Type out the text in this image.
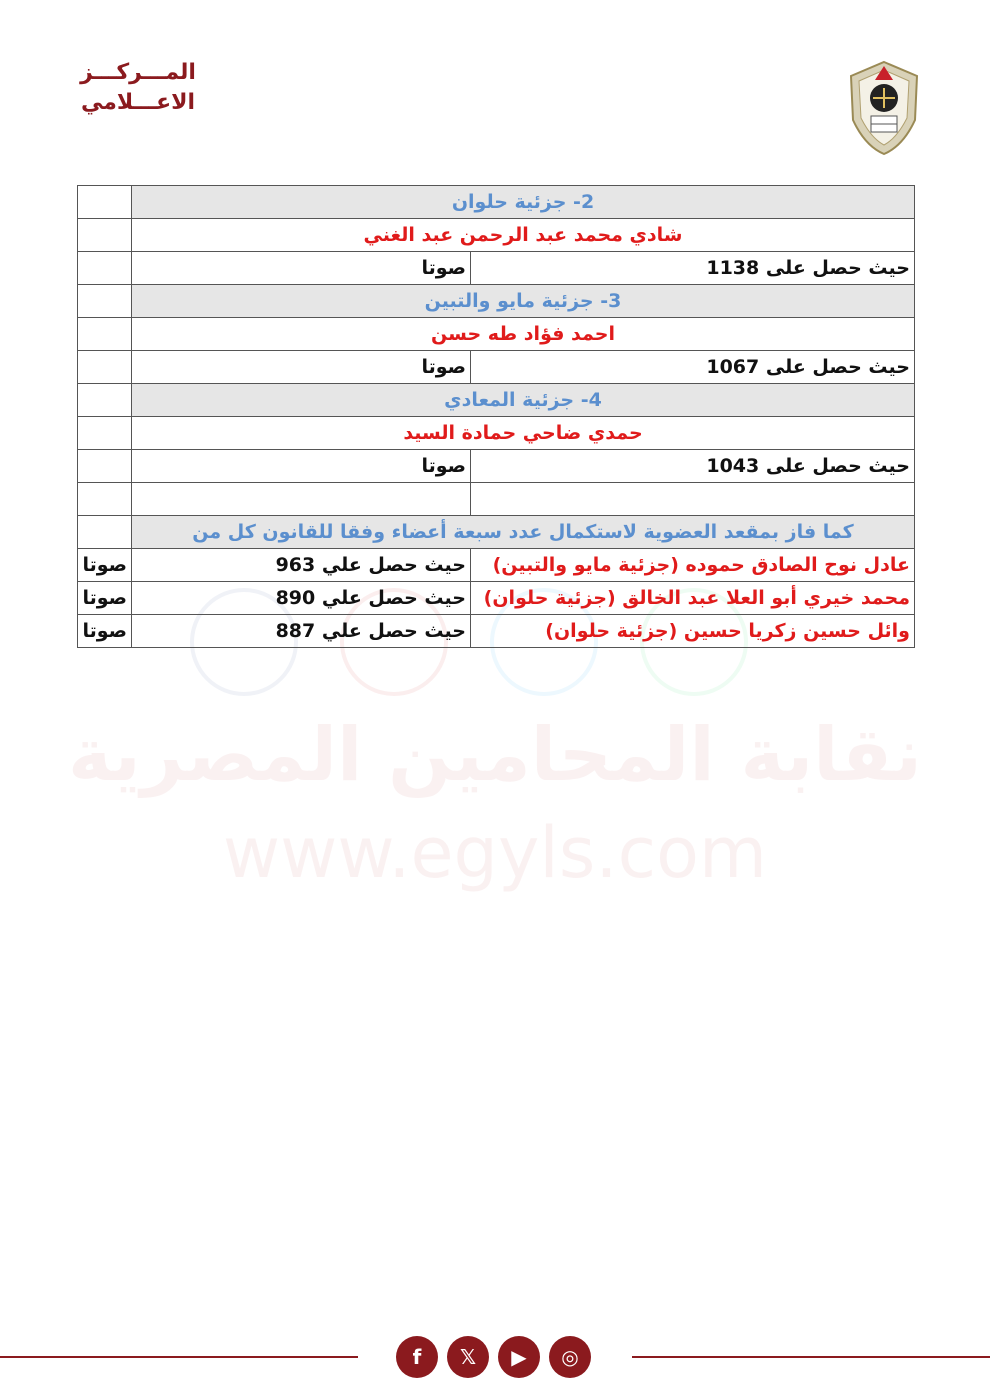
المـــركـــز
الاعـــلامي
نقابة المحامين المصرية
www.egyls.com
2- جزئية حلوان		
شادي محمد عبد الرحمن عبد الغني		
حيث حصل على 1138	صوتا	
3- جزئية مايو والتبين		
احمد فؤاد طه حسن		
حيث حصل على 1067	صوتا	
4- جزئية المعادي		
حمدي ضاحي حمادة السيد		
حيث حصل على 1043	صوتا	

كما فاز بمقعد العضوية لاستكمال عدد سبعة أعضاء وفقا للقانون كل من		
عادل نوح الصادق حموده (جزئية مايو والتبين)	حيث حصل علي 963	صوتا
محمد خيري أبو العلا عبد الخالق (جزئية حلوان)	حيث حصل علي 890	صوتا
وائل حسين زكريا حسين (جزئية حلوان)	حيث حصل علي 887	صوتا
f	𝕏	▶	◎
